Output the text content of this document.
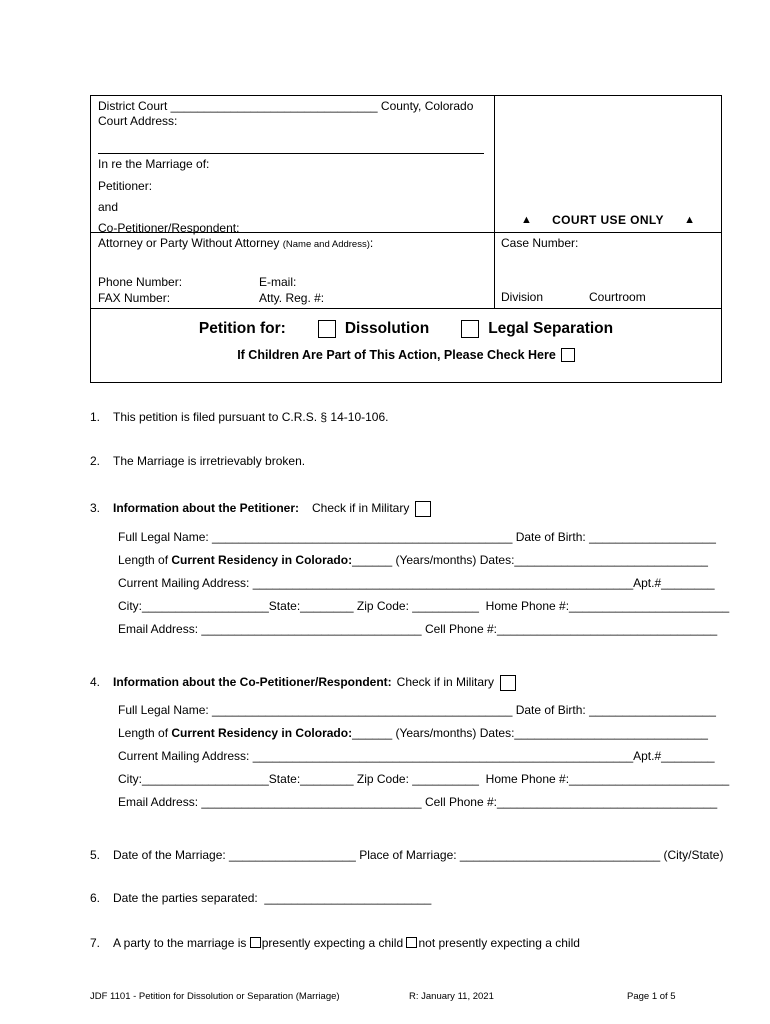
District Court _______________________________ County, Colorado
Court Address:
In re the Marriage of:
Petitioner:
and
Co-Petitioner/Respondent:
▲ COURT USE ONLY ▲
Attorney or Party Without Attorney (Name and Address):
Phone Number:	E-mail:
FAX Number:	Atty. Reg. #:
Case Number:
Division	Courtroom
Petition for:	Dissolution	Legal Separation
If Children Are Part of This Action, Please Check Here
1.	This petition is filed pursuant to C.R.S. § 14-10-106.
2.	The Marriage is irretrievably broken.
3.	Information about the Petitioner: Check if in Military
Full Legal Name: _____________________________________________ Date of Birth: ___________________
Length of Current Residency in Colorado:______ (Years/months) Dates:_____________________________
Current Mailing Address: _________________________________________________________Apt.#________
City:___________________State:________ Zip Code: __________  Home Phone #:________________________
Email Address: _________________________________ Cell Phone #:_________________________________
4.	Information about the Co-Petitioner/Respondent: Check if in Military
Full Legal Name: _____________________________________________ Date of Birth: ___________________
Length of Current Residency in Colorado:______ (Years/months) Dates:_____________________________
Current Mailing Address: _________________________________________________________Apt.#________
City:___________________State:________ Zip Code: __________  Home Phone #:________________________
Email Address: _________________________________ Cell Phone #:_________________________________
5.	Date of the Marriage: ___________________ Place of Marriage: ______________________________ (City/State)
6.	Date the parties separated:  _________________________
7.	A party to the marriage is presently expecting a child not presently expecting a child
JDF 1101 - Petition for Dissolution or Separation (Marriage)	R: January 11, 2021	Page 1 of 5
